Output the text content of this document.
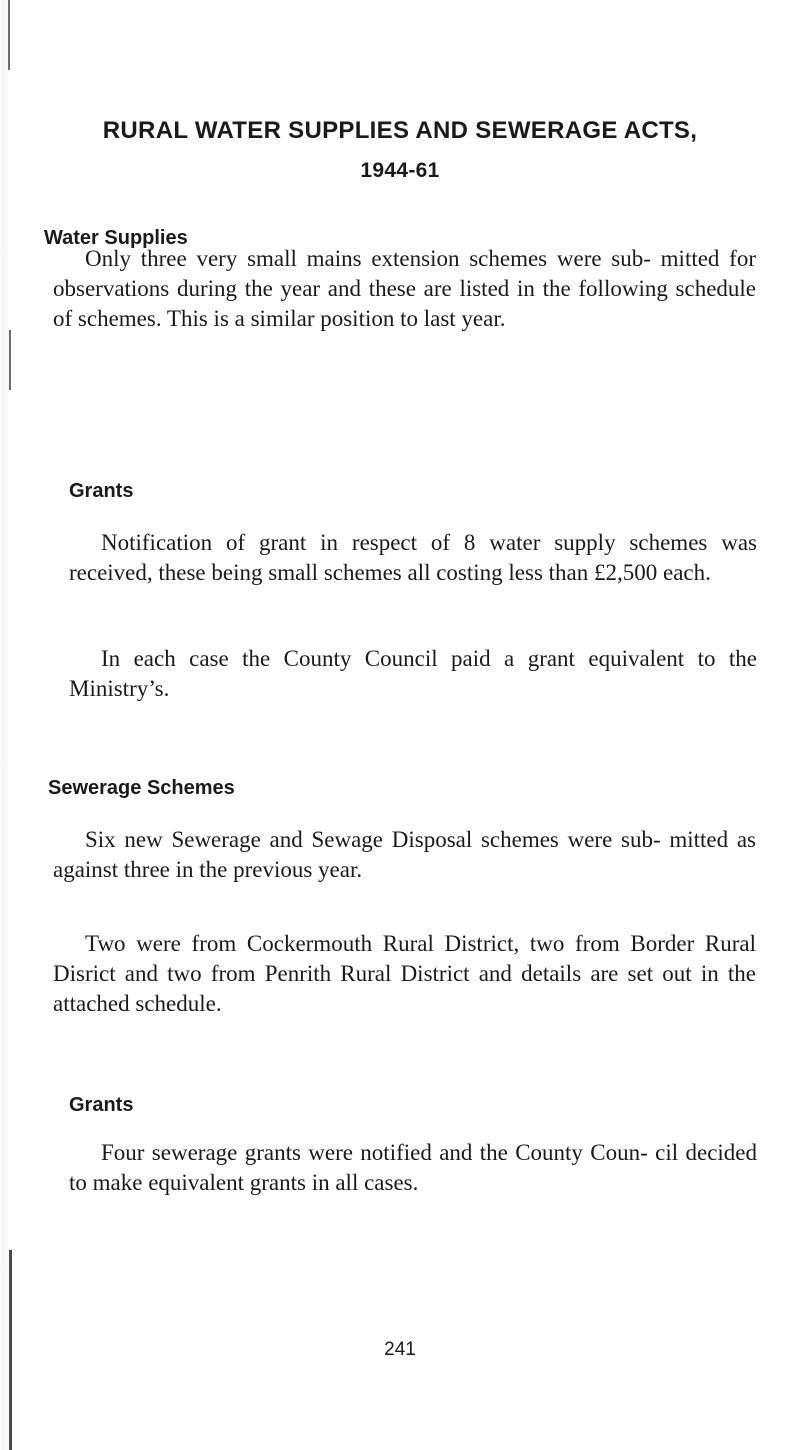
RURAL WATER SUPPLIES AND SEWERAGE ACTS,
1944-61
Water Supplies

Only three very small mains extension schemes were sub- mitted for observations during the year and these are listed in the following schedule of schemes. This is a similar position to last year.

Grants

Notification of grant in respect of 8 water supply schemes was received, these being small schemes all costing less than £2,500 each.

In each case the County Council paid a grant equivalent to the Ministry’s.

Sewerage Schemes

Six new Sewerage and Sewage Disposal schemes were sub- mitted as against three in the previous year.

Two were from Cockermouth Rural District, two from Border Rural Disrict and two from Penrith Rural District and details are set out in the attached schedule.

Grants

Four sewerage grants were notified and the County Coun- cil decided to make equivalent grants in all cases.

241
